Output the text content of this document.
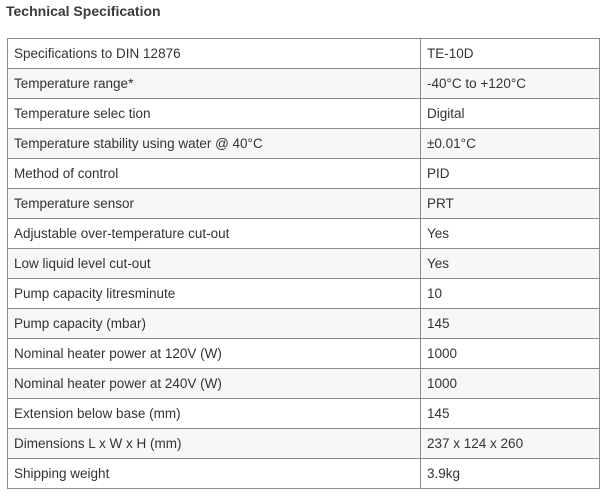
Technical Specification
Specifications to DIN 12876	TE-10D
Temperature range*	-40°C to +120°C
Temperature selec tion	Digital
Temperature stability using water @ 40°C	±0.01°C
Method of control	PID
Temperature sensor	PRT
Adjustable over-temperature cut-out	Yes
Low liquid level cut-out	Yes
Pump capacity litresminute	10
Pump capacity (mbar)	145
Nominal heater power at 120V (W)	1000
Nominal heater power at 240V (W)	1000
Extension below base (mm)	145
Dimensions L x W x H (mm)	237 x 124 x 260
Shipping weight	3.9kg
